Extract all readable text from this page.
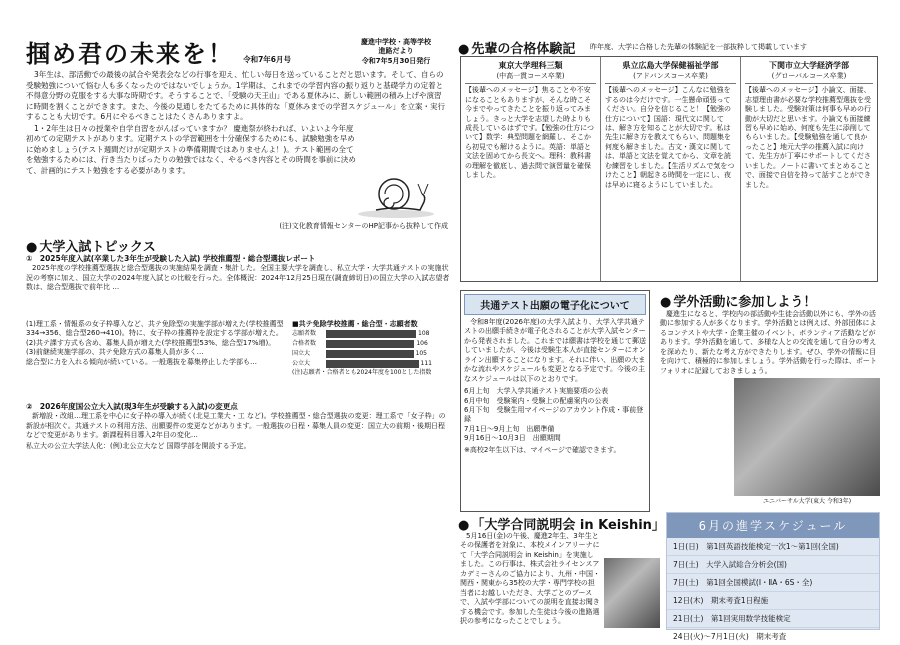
掴め君の未来を！ 令和7年6月号
慶進中学校・高等学校
進路だより
令和7年5月30日発行

3年生は、部活動での最後の試合や発表会などの行事を迎え、忙しい毎日を送っていることだと思います。そして、自らの受験勉強について悩む人も多くなったのではないでしょうか。1学期は、これまでの学習内容の振り返りと基礎学力の定着と不得意分野の克服をする大事な時期です。そうすることで、「受験の天王山」である夏休みに、新しい範囲の積み上げや演習に時間を割くことができます。また、今後の見通しをたてるために具体的な「夏休みまでの学習スケジュール」を立案・実行することも大切です。6月にやるべきことはたくさんありますよ。

1・2年生は日々の授業や自学自習をがんばっていますか？ 慶進祭が終われば、いよいよ今年度初めての定期テストがあります。定期テストの学習範囲を十分確保するためにも、試験勉強を早めに始めましょう(テスト週間だけが定期テストの準備期間ではありませんよ！)。テスト範囲の全てを勉強するためには、行き当たりばったりの勉強ではなく、やるべき内容とその時間を事前に決めて、計画的にテスト勉強をする必要があります。

(注)文化教育情報センターのHP記事から抜粋して作成
● 大学入試トピックス
①　2025年度入試(卒業した3年生が受験した入試) 学校推薦型・総合型選抜レポート
2025年度の学校推薦型選抜と総合型選抜の実施結果を調査・集計した。全国主要大学を調査し、私立大学・大学共通テストの実施状況の考察に加え、国立大学の2024年度入試との比較を行った。全体概況：2024年12月25日現在(調査締切日)の国立大学の入試志望者数は、総合型選抜で前年比 …
(1)理工系・情報系の女子枠導入など、共テ免除型の実施学部が増えた(学校推薦型334→356、総合型260→410)。特に、女子枠の推薦枠を設定する学部が増えた。
(2)共テ課す方式も含め、募集人員が増えた(学校推薦型53%、総合型17%増)。
(3)前継続実施学部の、共テ免除方式の募集人員が多く…
総合型に力を入れる傾向が続いている。一般選抜を募集停止した学部も…
■共テ免除学校推薦・総合型・志願者数
志願者数	108
合格者数	106
国立大	105
公立大	111
(注)志願者・合格者とも2024年度を100とした指数
②　2026年度国公立大入試(現3年生が受験する入試)の変更点
新増設・改組…理工系を中心に女子枠の導入が続く(北見工業大・工 など)。学校推薦型・総合型選抜の変更：理工系で「女子枠」の新設が相次ぐ。共通テストの利用方法、出願要件の変更などがあります。一般選抜の日程・募集人員の変更：国立大の前期・後期日程などで変更があります。新課程科目導入2年目の変化…
私立大の公立大学法人化：(例)北公立大など 国際学部を開設する予定。
● 先輩の合格体験記 昨年度、大学に合格した先輩の体験記を一部抜粋して掲載しています
東京大学理科三類
(中高一貫コース卒業)
【後輩へのメッセージ】焦ることや不安になることもありますが、そんな時こそ今までやってきたことを振り返ってみましょう。きっと大学を志望した時よりも成長しているはずです。【勉強の仕方について】数学：典型問題を網羅し、そこから初見でも解けるように。英語：単語と文法を固めてから長文へ。理科：教科書の理解を徹底し、過去問で演習量を確保しました。
県立広島大学保健福祉学部
(アドバンスコース卒業)
【後輩へのメッセージ】こんなに勉強をするのは今だけです。一生懸命頑張ってください。自分を信じること！【勉強の仕方について】国語：現代文に関しては、解き方を知ることが大切です。私は先生に解き方を教えてもらい、問題集を何度も解きました。古文・漢文に関しては、単語と文法を覚えてから、文章を読む練習をしました。【生活リズムで気をつけたこと】朝起きる時間を一定にし、夜は早めに寝るようにしていました。
下関市立大学経済学部
(グローバルコース卒業)
【後輩へのメッセージ】小論文、面接、志望理由書が必要な学校推薦型選抜を受験しました。受験対策は何事も早めの行動が大切だと思います。小論文も面接練習も早めに始め、何度も先生に添削してもらいました。【受験勉強を通して良かったこと】地元大学の推薦入試に向けて、先生方が丁寧にサポートしてくださいました。ノートに書いてまとめることで、面接で自信を持って話すことができました。
共通テスト出願の電子化について
令和8年度(2026年度)の大学入試より、大学入学共通テストの出願手続きが電子化されることが大学入試センターから発表されました。これまでは願書は学校を通じて郵送していましたが、今後は受験生本人が直接センターにオンライン出願することになります。それに伴い、出願の大まかな流れやスケジュールも変更となる予定です。今後の主なスケジュールは以下のとおりです。
6月上旬　大学入学共通テスト実施要項の公表
6月中旬　受験案内・受験上の配慮案内の公表
6月下旬　受験生用マイページのアカウント作成・事前登録
7月1日～9月上旬　出願準備
9月16日～10月3日　出願期間
※高校2年生以下は、マイページで確認できます。
● 学外活動に参加しよう！
慶進生になると、学校内の部活動や生徒会活動以外にも、学外の活動に参加する人が多くなります。学外活動とは例えば、外部団体によるコンテストや大学・企業主催のイベント、ボランティア活動などがあります。学外活動を通して、多様な人との交流を通して自分の考えを深めたり、新たな考え方ができたりします。ぜひ、学外の情報に目を向けて、積極的に参加しましょう。学外活動を行った際は、ポートフォリオに記録しておきましょう。
ユニバーサル大学(東大 令和3年)
● 「大学合同説明会 in Keishin」
5月16日(金)の午後、慶進2年生、3年生とその保護者を対象に、本校メインアリーナにて「大学合同説明会 in Keishin」を実施しました。この行事は、株式会社ライセンスアカデミーさんのご協力により、九州・中国・関西・関東から35校の大学・専門学校の担当者にお越しいただき、大学ごとのブースで、入試や学部についての説明を直接お聞きする機会です。参加した生徒は今後の進路選択の参考になったことでしょう。
6月の進学スケジュール
1日(日)　第1回英語技能検定一次1～第1回(全国)
7日(土)　大学入試総合分析会(国)
7日(土)　第1回全国模試(Ⅰ・ⅡA・6S・全)
12日(木)　期末考査1日程施
21日(土)　第1回実用数学技能検定
24日(火)～7月1日(火)　期末考査
